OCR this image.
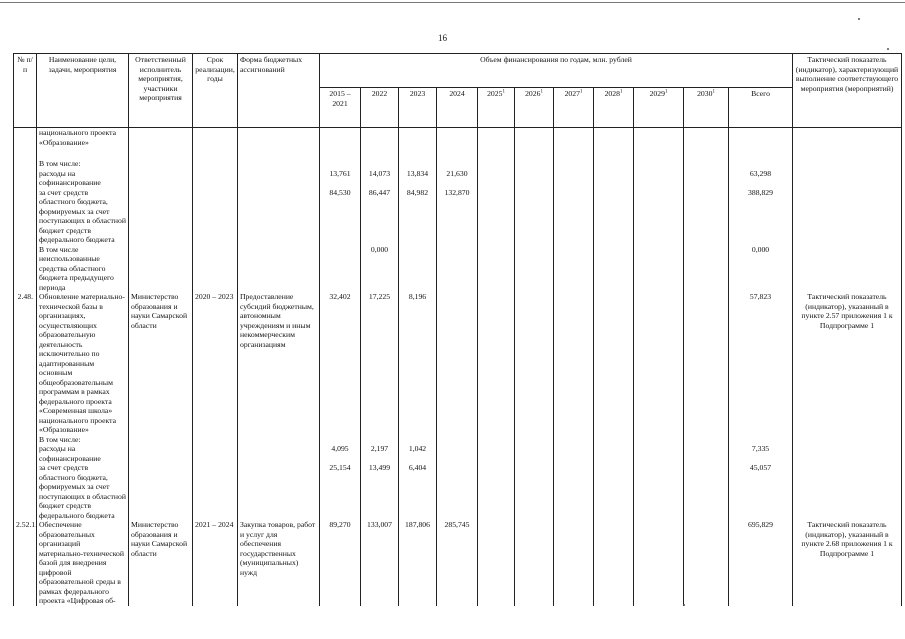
16
№ п/п	Наименование цели, задачи, мероприятия	Ответственный исполнитель мероприятия, участники мероприятия	Срок реализации, годы	Форма бюджетных ассигнований	Объем финансирования по годам, млн. рублей											Тактический показатель (индикатор), характеризующий выполнение соответствующего мероприятия (мероприятий)
					2015 – 2021	2022	2023	2024	2025$^1$	2026$^1$	2027$^1$	2028$^1$	2029$^1$	2030$^1$	Всего	
	национального проекта «Образование»															

	В том числе:															
	расходы на софинансирование				13,761	14,073	13,834	21,630							63,298	
	за счет средств областного бюджета, формируемых за счет поступающих в областной бюджет средств федерального бюджета				84,530	86,447	84,982	132,870							388,829	
	В том числе неиспользованные средства областного бюджета предыдущего периода					0,000									0,000	
2.48.	Обновление материально-технической базы в организациях, осуществляющих образовательную деятельность исключительно по адаптированным основным общеобразовательным программам в рамках федерального проекта «Современная школа» национального проекта «Образование»	Министерство образования и науки Самарской области	2020 – 2023	Предоставление субсидий бюджетным, автономным учреждениям и иным некоммерческим организациям	32,402	17,225	8,196								57,823	Тактический показатель (индикатор), указанный в пункте 2.57 приложения 1 к Подпрограмме 1
	В том числе:															
	расходы на софинансирование				4,095	2,197	1,042								7,335	
	за счет средств областного бюджета, формируемых за счет поступающих в областной бюджет средств федерального бюджета				25,154	13,499	6,404								45,057	
2.52.1.	Обеспечение образовательных организаций материально-технической базой для внедрения цифровой образовательной среды в рамках федерального проекта «Цифровая об-	Министерство образования и науки Самарской области	2021 – 2024	Закупка товаров, работ и услуг для обеспечения государственных (муниципальных) нужд	89,270	133,007	187,806	285,745							695,829	Тактический показатель (индикатор), указанный в пункте 2.68 приложения 1 к Подпрограмме 1
